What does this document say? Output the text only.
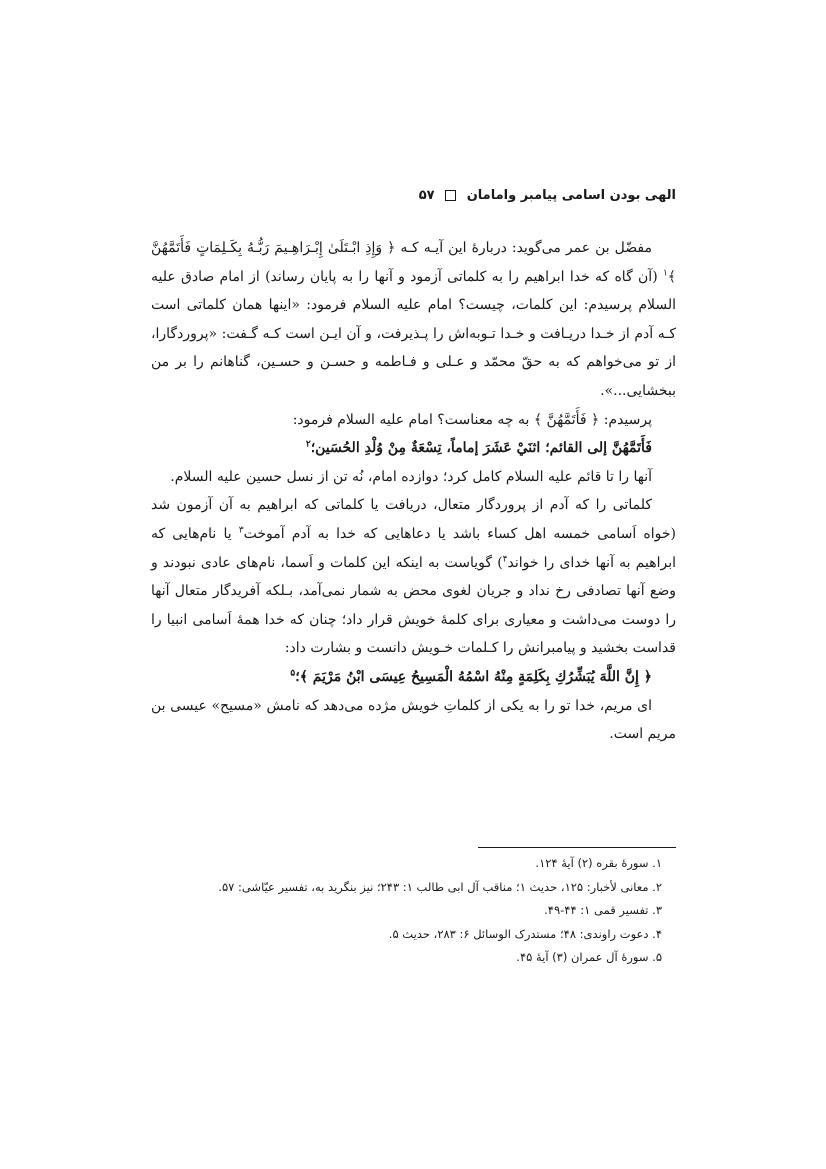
الهی بودن اسامی پیامبر وامامان  ۵۷

مفضّل بن عمر می‌گوید: دربارهٔ این آیـه کـه ﴿ وَإِذِ ابْـتَلَىٰ إِبْـرَاهِـيمَ رَبُّـهُ بِكَـلِمَاتٍ فَأَتَمَّهُنَّ ﴾$^۱$ (آن گاه که خدا ابراهیم را به کلماتی آزمود و آنها را به پایان رساند) از امام صادق عليه السلام پرسیدم: این کلمات، چیست؟ امام عليه السلام فرمود: «اینها همان کلماتی است کـه آدم از خـدا دریـافت و خـدا تـوبه‌اش را پـذیرفت، و آن ایـن است کـه گـفت: «پروردگارا، از تو می‌خواهم که به حقّ محمّد و عـلی و فـاطمه و حسـن و حسـین، گناهانم را بر من ببخشایی...».

پرسیدم: ﴿ فَأَتَمَّهُنَّ ﴾ به چه معناست؟ امام عليه السلام فرمود:

فَأَتَمَّهُنَّ إلى القائم؛ اثنَيْ عَشَرَ إماماً، تِسْعَةٌ مِنْ وُلْدِ الحُسَين؛$^۲$

آنها را تا قائم عليه السلام کامل کرد؛ دوازده امام، نُه تن از نسل حسین عليه السلام.

کلماتی را که آدم از پروردگار متعال، دریافت یا کلماتی که ابراهیم به آن آزمون شد (خواه اَسامی خمسه اهل کساء باشد یا دعاهایی که خدا به آدم آموخت$^۳$ یا نام‌هایی که ابراهیم به آنها خدای را خواند$^۴$) گویاست به اینکه این کلمات و اَسما، نام‌های عادی نبودند و وضع آنها تصادفی رخ نداد و جریان لغوی محض به شمار نمی‌آمد، بـلکه آفریدگار متعال آنها را دوست می‌داشت و معیاری برای کلمهٔ خویش قرار داد؛ چنان که خدا همهٔ اَسامی انبیا را قداست بخشید و پیامبرانش را کـلمات خـویش دانست و بشارت داد:

﴿ إِنَّ اللَّهَ يُبَشِّرُكِ بِكَلِمَةٍ مِنْهُ اسْمُهُ الْمَسِيحُ عِيسَى ابْنُ مَرْيَمَ ﴾؛$^۵$

ای مریم، خدا تو را به یکی از کلماتِ خویش مژده می‌دهد که نامش «مسیح» عیسی بن مریم است.

۱. سورهٔ بقره (۲) آیهٔ ۱۲۴.
۲. معانی لأخبار: ۱۲۵، حدیث ۱؛ مناقب آل ابی طالب ۱: ۲۴۳؛ نیز بنگرید به، تفسیر عیّاشی: ۵۷.
۳. تفسیر قمی ۱: ۴۴-۴۹.
۴. دعوت راوندی: ۴۸؛ مستدرک الوسائل ۶: ۲۸۳، حدیث ۵.
۵. سورهٔ آل عمران (۳) آیهٔ ۴۵.
